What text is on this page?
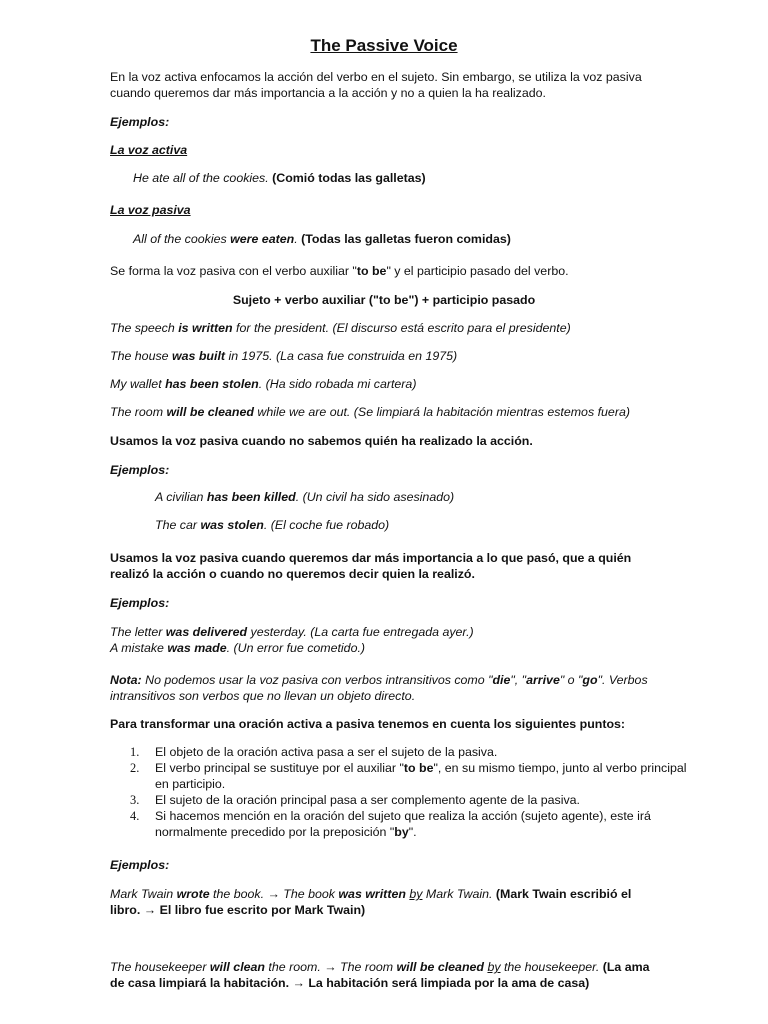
The Passive Voice
En la voz activa enfocamos la acción del verbo en el sujeto. Sin embargo, se utiliza la voz pasiva
cuando queremos dar más importancia a la acción y no a quien la ha realizado.
Ejemplos:
La voz activa
He ate all of the cookies. (Comió todas las galletas)
La voz pasiva
All of the cookies were eaten. (Todas las galletas fueron comidas)
Se forma la voz pasiva con el verbo auxiliar "to be" y el participio pasado del verbo.
Sujeto + verbo auxiliar ("to be") + participio pasado
The speech is written for the president. (El discurso está escrito para el presidente)
The house was built in 1975. (La casa fue construida en 1975)
My wallet has been stolen. (Ha sido robada mi cartera)
The room will be cleaned while we are out. (Se limpiará la habitación mientras estemos fuera)
Usamos la voz pasiva cuando no sabemos quién ha realizado la acción.
Ejemplos:
A civilian has been killed. (Un civil ha sido asesinado)
The car was stolen. (El coche fue robado)
Usamos la voz pasiva cuando queremos dar más importancia a lo que pasó, que a quién
realizó la acción o cuando no queremos decir quien la realizó.
Ejemplos:
The letter was delivered yesterday. (La carta fue entregada ayer.)
A mistake was made. (Un error fue cometido.)
Nota: No podemos usar la voz pasiva con verbos intransitivos como "die", "arrive" o "go". Verbos
intransitivos son verbos que no llevan un objeto directo.
Para transformar una oración activa a pasiva tenemos en cuenta los siguientes puntos:
1. El objeto de la oración activa pasa a ser el sujeto de la pasiva.
2. El verbo principal se sustituye por el auxiliar "to be", en su mismo tiempo, junto al verbo principal en participio.
3. El sujeto de la oración principal pasa a ser complemento agente de la pasiva.
4. Si hacemos mención en la oración del sujeto que realiza la acción (sujeto agente), este irá normalmente precedido por la preposición "by".
Ejemplos:
Mark Twain wrote the book. → The book was written by Mark Twain. (Mark Twain escribió el
libro. → El libro fue escrito por Mark Twain)
The housekeeper will clean the room. → The room will be cleaned by the housekeeper. (La ama
de casa limpiará la habitación. → La habitación será limpiada por la ama de casa)
